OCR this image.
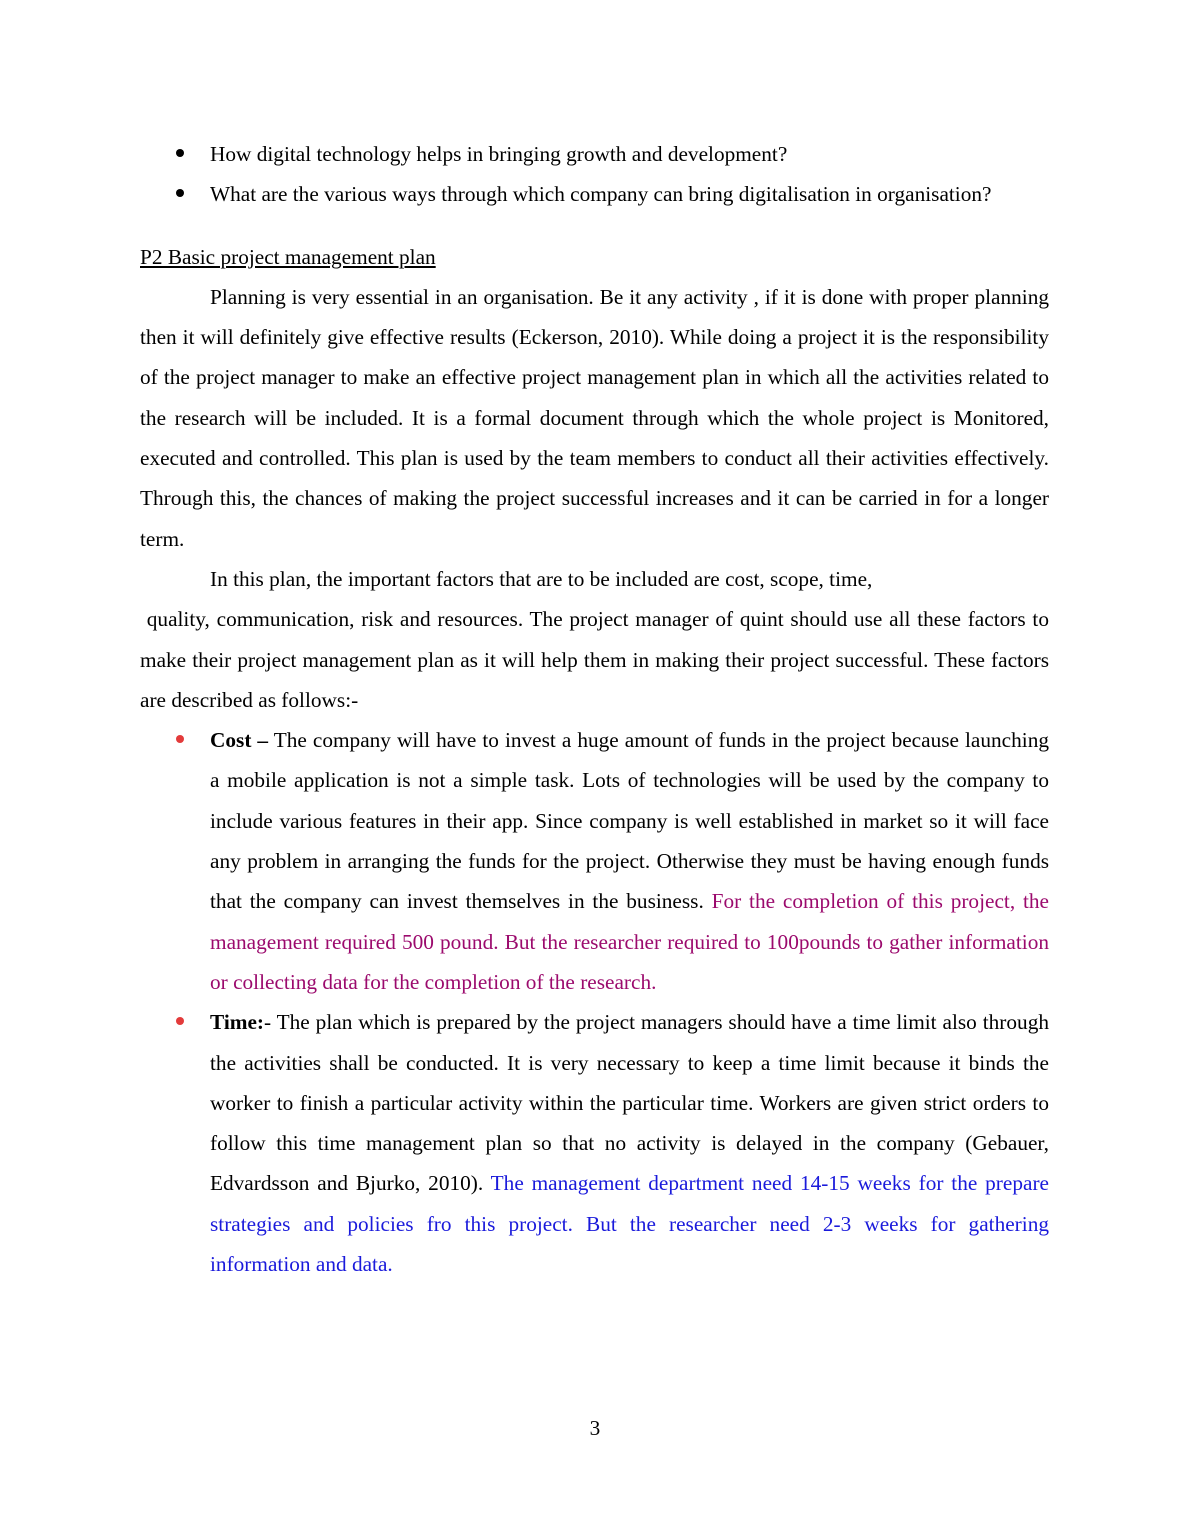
How digital technology helps in bringing growth and development?
What are the various ways through which company can bring digitalisation in organisation?
P2 Basic project management plan

Planning is very essential in an organisation. Be it any activity , if it is done with proper planning then it will definitely give effective results (Eckerson, 2010). While doing a project it is the responsibility of the project manager to make an effective project management plan in which all the activities related to the research will be included. It is a formal document through which the whole project is Monitored, executed and controlled. This plan is used by the team members to conduct all their activities effectively. Through this, the chances of making the project successful increases and it can be carried in for a longer term.

In this plan, the important factors that are to be included are cost, scope, time,

quality, communication, risk and resources. The project manager of quint should use all these factors to make their project management plan as it will help them in making their project successful. These factors are described as follows:-

Cost – The company will have to invest a huge amount of funds in the project because launching a mobile application is not a simple task. Lots of technologies will be used by the company to include various features in their app. Since company is well established in market so it will face any problem in arranging the funds for the project. Otherwise they must be having enough funds that the company can invest themselves in the business. For the completion of this project, the management required 500 pound. But the researcher required to 100pounds to gather information or collecting data for the completion of the research.
Time:- The plan which is prepared by the project managers should have a time limit also through the activities shall be conducted. It is very necessary to keep a time limit because it binds the worker to finish a particular activity within the particular time. Workers are given strict orders to follow this time management plan so that no activity is delayed in the company (Gebauer, Edvardsson and Bjurko, 2010). The management department need 14-15 weeks for the prepare strategies and policies fro this project. But the researcher need 2-3 weeks for gathering information and data.
3
